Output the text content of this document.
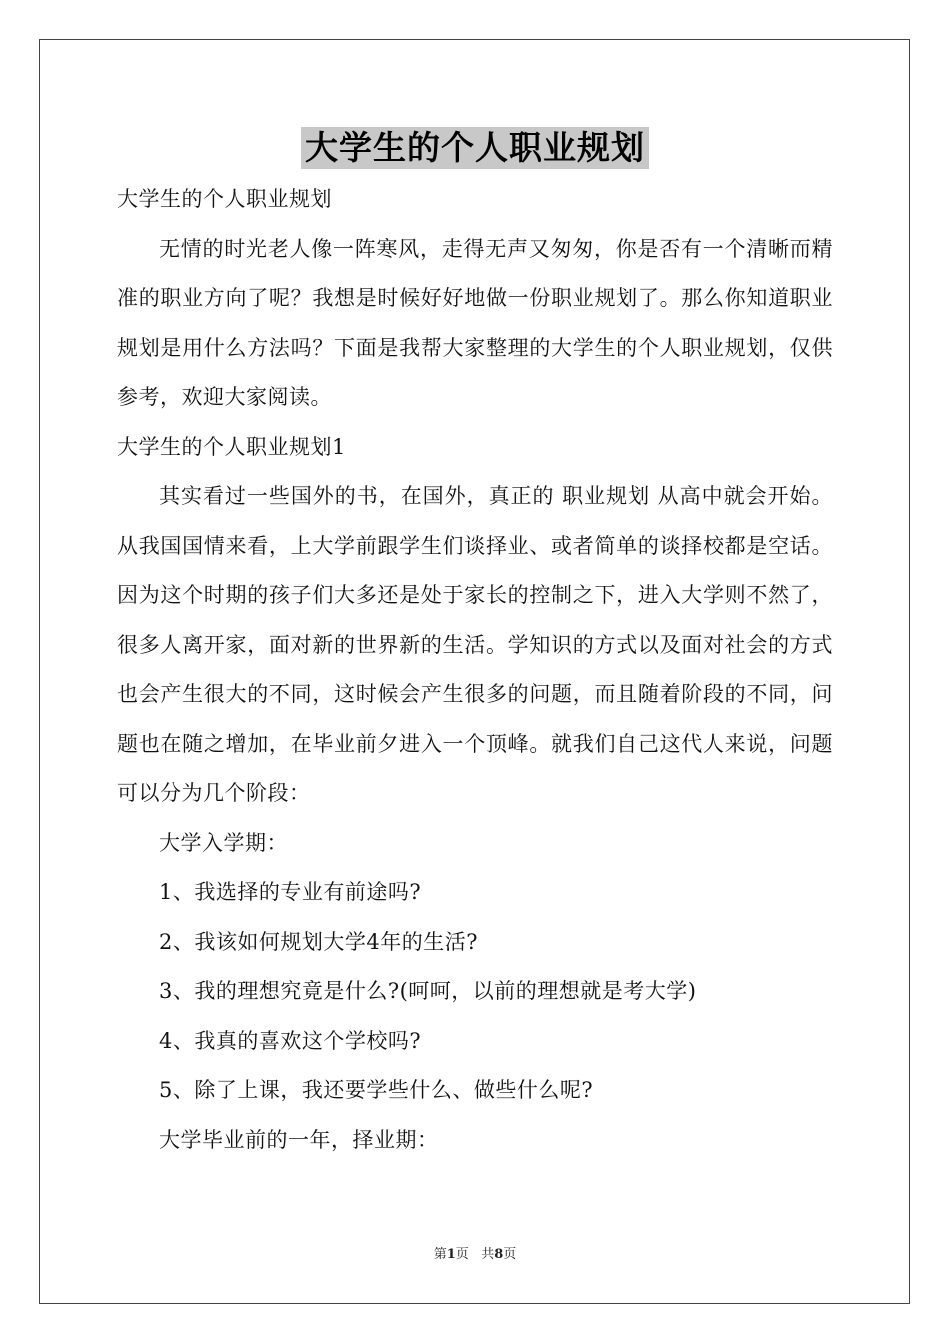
大学生的个人职业规划

大学生的个人职业规划

无情的时光老人像一阵寒风，走得无声又匆匆，你是否有一个清晰而精准的职业方向了呢？我想是时候好好地做一份职业规划了。那么你知道职业规划是用什么方法吗？下面是我帮大家整理的大学生的个人职业规划，仅供参考，欢迎大家阅读。

大学生的个人职业规划1

其实看过一些国外的书，在国外，真正的 职业规划 从高中就会开始。从我国国情来看，上大学前跟学生们谈择业、或者简单的谈择校都是空话。因为这个时期的孩子们大多还是处于家长的控制之下，进入大学则不然了，很多人离开家，面对新的世界新的生活。学知识的方式以及面对社会的方式也会产生很大的不同，这时候会产生很多的问题，而且随着阶段的不同，问题也在随之增加，在毕业前夕进入一个顶峰。就我们自己这代人来说，问题可以分为几个阶段：

大学入学期：

1、我选择的专业有前途吗?

2、我该如何规划大学4年的生活?

3、我的理想究竟是什么?(呵呵，以前的理想就是考大学)

4、我真的喜欢这个学校吗?

5、除了上课，我还要学些什么、做些什么呢?

大学毕业前的一年，择业期：

第1页 共8页
